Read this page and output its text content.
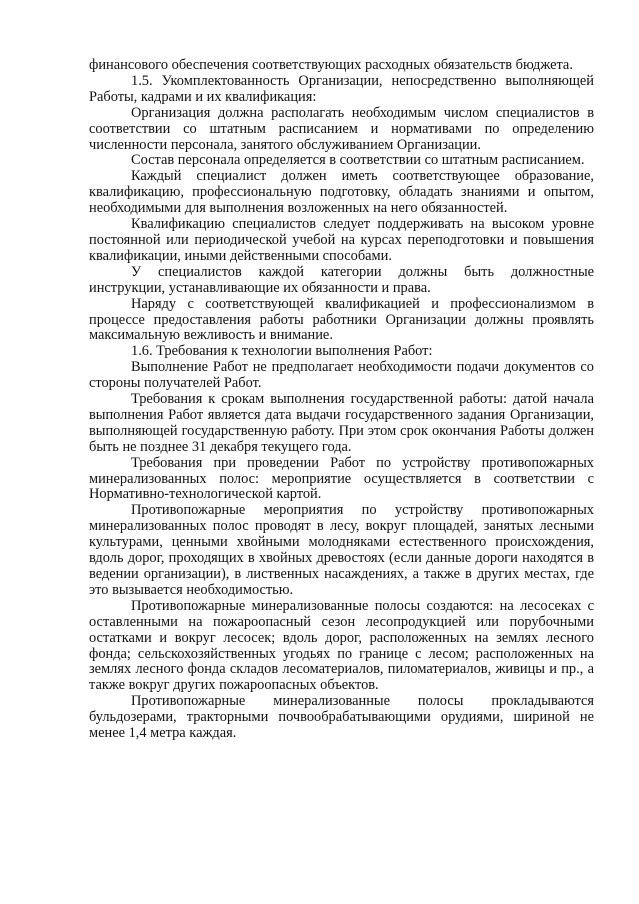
финансового обеспечения соответствующих расходных обязательств бюджета.

1.5. Укомплектованность Организации, непосредственно выполняющей Работы, кадрами и их квалификация:

Организация должна располагать необходимым числом специалистов в соответствии со штатным расписанием и нормативами по определению численности персонала, занятого обслуживанием Организации.

Состав персонала определяется в соответствии со штатным расписанием.

Каждый специалист должен иметь соответствующее образование, квалификацию, профессиональную подготовку, обладать знаниями и опытом, необходимыми для выполнения возложенных на него обязанностей.

Квалификацию специалистов следует поддерживать на высоком уровне постоянной или периодической учебой на курсах переподготовки и повышения квалификации, иными действенными способами.

У специалистов каждой категории должны быть должностные инструкции, устанавливающие их обязанности и права.

Наряду с соответствующей квалификацией и профессионализмом в процессе предоставления работы работники Организации должны проявлять максимальную вежливость и внимание.

1.6. Требования к технологии выполнения Работ:

Выполнение Работ не предполагает необходимости подачи документов со стороны получателей Работ.

Требования к срокам выполнения государственной работы: датой начала выполнения Работ является дата выдачи государственного задания Организации, выполняющей государственную работу. При этом срок окончания Работы должен быть не позднее 31 декабря текущего года.

Требования при проведении Работ по устройству противопожарных минерализованных полос: мероприятие осуществляется в соответствии с Нормативно-технологической картой.

Противопожарные мероприятия по устройству противопожарных минерализованных полос проводят в лесу, вокруг площадей, занятых лесными культурами, ценными хвойными молодняками естественного происхождения, вдоль дорог, проходящих в хвойных древостоях (если данные дороги находятся в ведении организации), в лиственных насаждениях, а также в других местах, где это вызывается необходимостью.

Противопожарные минерализованные полосы создаются: на лесосеках с оставленными на пожароопасный сезон лесопродукцией или порубочными остатками и вокруг лесосек; вдоль дорог, расположенных на землях лесного фонда; сельскохозяйственных угодьях по границе с лесом; расположенных на землях лесного фонда складов лесоматериалов, пиломатериалов, живицы и пр., а также вокруг других пожароопасных объектов.

Противопожарные минерализованные полосы прокладываются бульдозерами, тракторными почвообрабатывающими орудиями, шириной не менее 1,4 метра каждая.
